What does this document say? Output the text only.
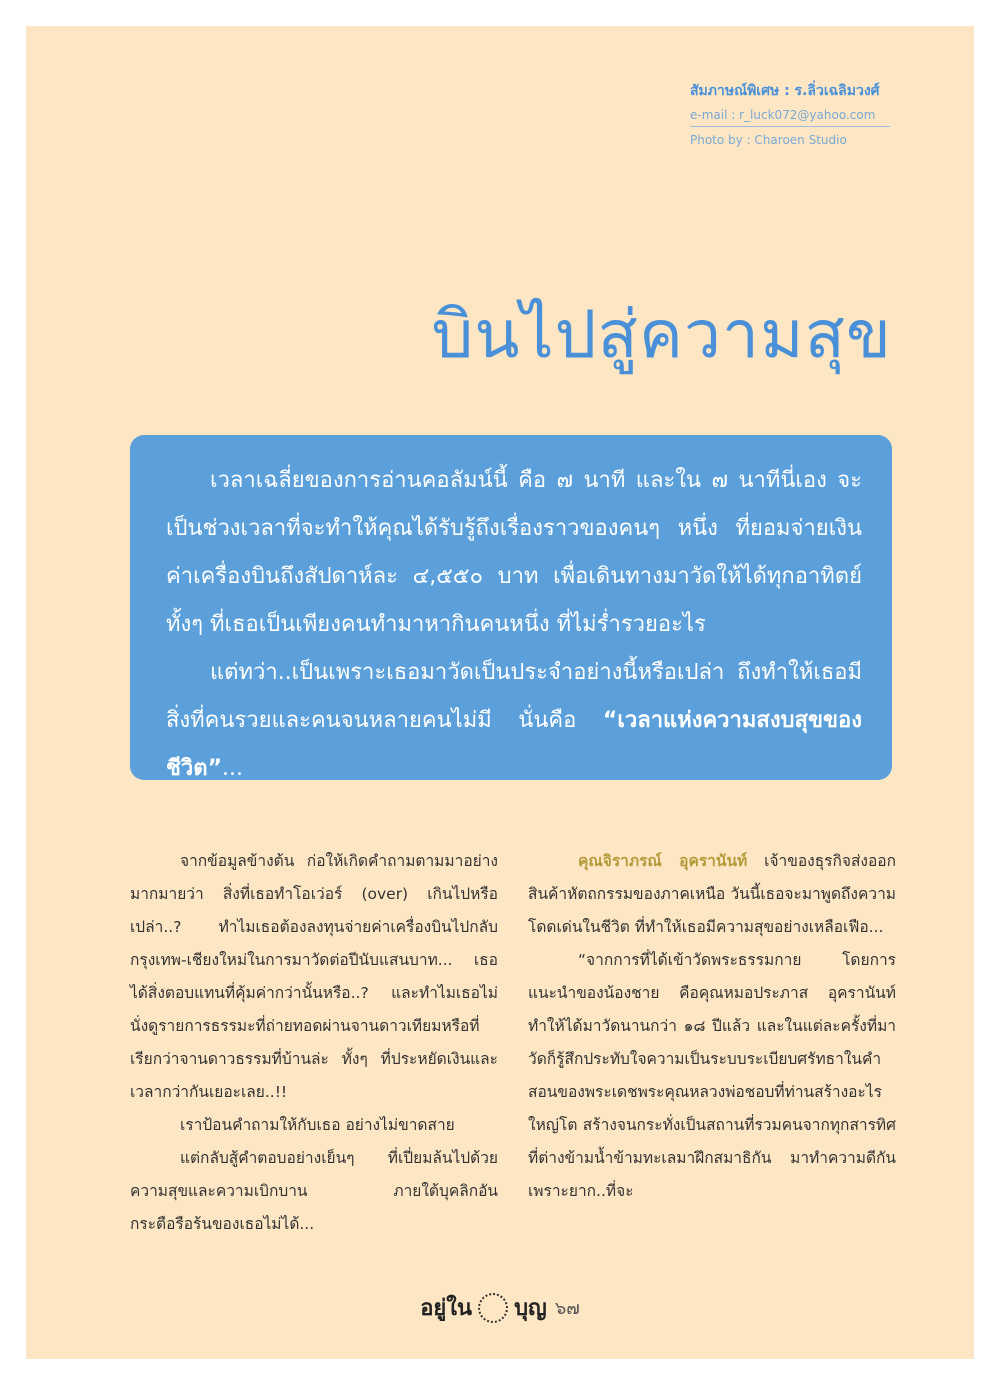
สัมภาษณ์พิเศษ : ร.ลิ่วเฉลิมวงศ์
e-mail : r_luck072@yahoo.com
Photo by : Charoen Studio
บินไปสู่ความสุข

เวลาเฉลี่ยของการอ่านคอลัมน์นี้ คือ ๗ นาที และใน ๗ นาทีนี่เอง จะเป็นช่วงเวลาที่จะทำให้คุณได้รับรู้ถึงเรื่องราวของคนๆ หนึ่ง ที่ยอมจ่ายเงินค่าเครื่องบินถึงสัปดาห์ละ ๔,๕๕๐ บาท เพื่อเดินทางมาวัดให้ได้ทุกอาทิตย์ ทั้งๆ ที่เธอเป็นเพียงคนทำมาหากินคนหนึ่ง ที่ไม่ร่ำรวยอะไร

แต่ทว่า..เป็นเพราะเธอมาวัดเป็นประจำอย่างนี้หรือเปล่า ถึงทำให้เธอมีสิ่งที่คนรวยและคนจนหลายคนไม่มี นั่นคือ “เวลาแห่งความสงบสุขของชีวิต”...

จากข้อมูลข้างต้น ก่อให้เกิดคำถามตามมาอย่างมากมายว่า สิ่งที่เธอทำโอเว่อร์ (over) เกินไปหรือเปล่า..? ทำไมเธอต้องลงทุนจ่ายค่าเครื่องบินไปกลับกรุงเทพ-เชียงใหม่ในการมาวัดต่อปีนับแสนบาท... เธอได้สิ่งตอบแทนที่คุ้มค่ากว่านั้นหรือ..? และทำไมเธอไม่นั่งดูรายการธรรมะที่ถ่ายทอดผ่านจานดาวเทียมหรือที่เรียกว่าจานดาวธรรมที่บ้านล่ะ ทั้งๆ ที่ประหยัดเงินและเวลากว่ากันเยอะเลย..!!

เราป้อนคำถามให้กับเธอ อย่างไม่ขาดสาย

แต่กลับสู้คำตอบอย่างเย็นๆ ที่เปี่ยมล้นไปด้วยความสุขและความเบิกบาน ภายใต้บุคลิกอันกระตือรือร้นของเธอไม่ได้...

คุณจิราภรณ์ อุครานันท์ เจ้าของธุรกิจส่งออกสินค้าหัตถกรรมของภาคเหนือ วันนี้เธอจะมาพูดถึงความโดดเด่นในชีวิต ที่ทำให้เธอมีความสุขอย่างเหลือเฟือ...

“จากการที่ได้เข้าวัดพระธรรมกาย โดยการแนะนำของน้องชาย คือคุณหมอประภาส อุครานันท์ ทำให้ได้มาวัดนานกว่า ๑๘ ปีแล้ว และในแต่ละครั้งที่มาวัดก็รู้สึกประทับใจความเป็นระบบระเบียบศรัทธาในคำสอนของพระเดชพระคุณหลวงพ่อชอบที่ท่านสร้างอะไรใหญ่โต สร้างจนกระทั่งเป็นสถานที่รวมคนจากทุกสารทิศที่ต่างข้ามน้ำข้ามทะเลมาฝึกสมาธิกัน มาทำความดีกัน เพราะยาก..ที่จะ

อยู่ใน บุญ ๖๗
